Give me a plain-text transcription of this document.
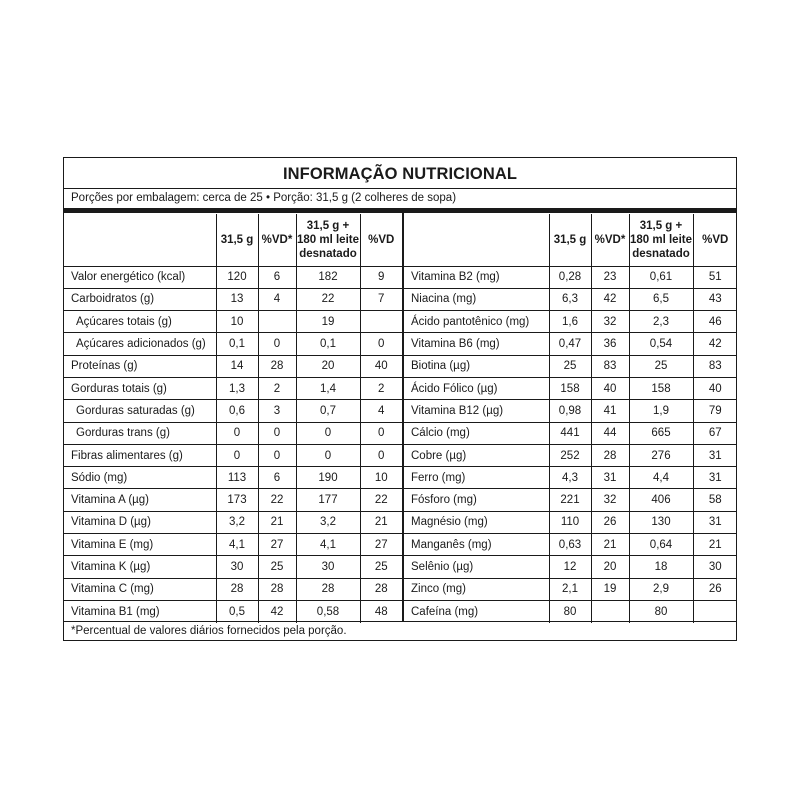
INFORMAÇÃO NUTRICIONAL
Porções por embalagem: cerca de 25 • Porção: 31,5 g (2 colheres de sopa)
	31,5 g	%VD*	31,5 g +
180 ml leite
desnatado	%VD
Valor energético (kcal)	120	6	182	9
Carboidratos (g)	13	4	22	7
Açúcares totais (g)	10		19	
Açúcares adicionados (g)	0,1	0	0,1	0
Proteínas (g)	14	28	20	40
Gorduras totais (g)	1,3	2	1,4	2
Gorduras saturadas (g)	0,6	3	0,7	4
Gorduras trans (g)	0	0	0	0
Fibras alimentares (g)	0	0	0	0
Sódio (mg)	113	6	190	10
Vitamina A (µg)	173	22	177	22
Vitamina D (µg)	3,2	21	3,2	21
Vitamina E (mg)	4,1	27	4,1	27
Vitamina K (µg)	30	25	30	25
Vitamina C (mg)	28	28	28	28
Vitamina B1 (mg)	0,5	42	0,58	48
	31,5 g	%VD*	31,5 g +
180 ml leite
desnatado	%VD
Vitamina B2 (mg)	0,28	23	0,61	51
Niacina (mg)	6,3	42	6,5	43
Ácido pantotênico (mg)	1,6	32	2,3	46
Vitamina B6 (mg)	0,47	36	0,54	42
Biotina (µg)	25	83	25	83
Ácido Fólico (µg)	158	40	158	40
Vitamina B12 (µg)	0,98	41	1,9	79
Cálcio (mg)	441	44	665	67
Cobre (µg)	252	28	276	31
Ferro (mg)	4,3	31	4,4	31
Fósforo (mg)	221	32	406	58
Magnésio (mg)	110	26	130	31
Manganês (mg)	0,63	21	0,64	21
Selênio (µg)	12	20	18	30
Zinco (mg)	2,1	19	2,9	26
Cafeína (mg)	80		80	
*Percentual de valores diários fornecidos pela porção.
